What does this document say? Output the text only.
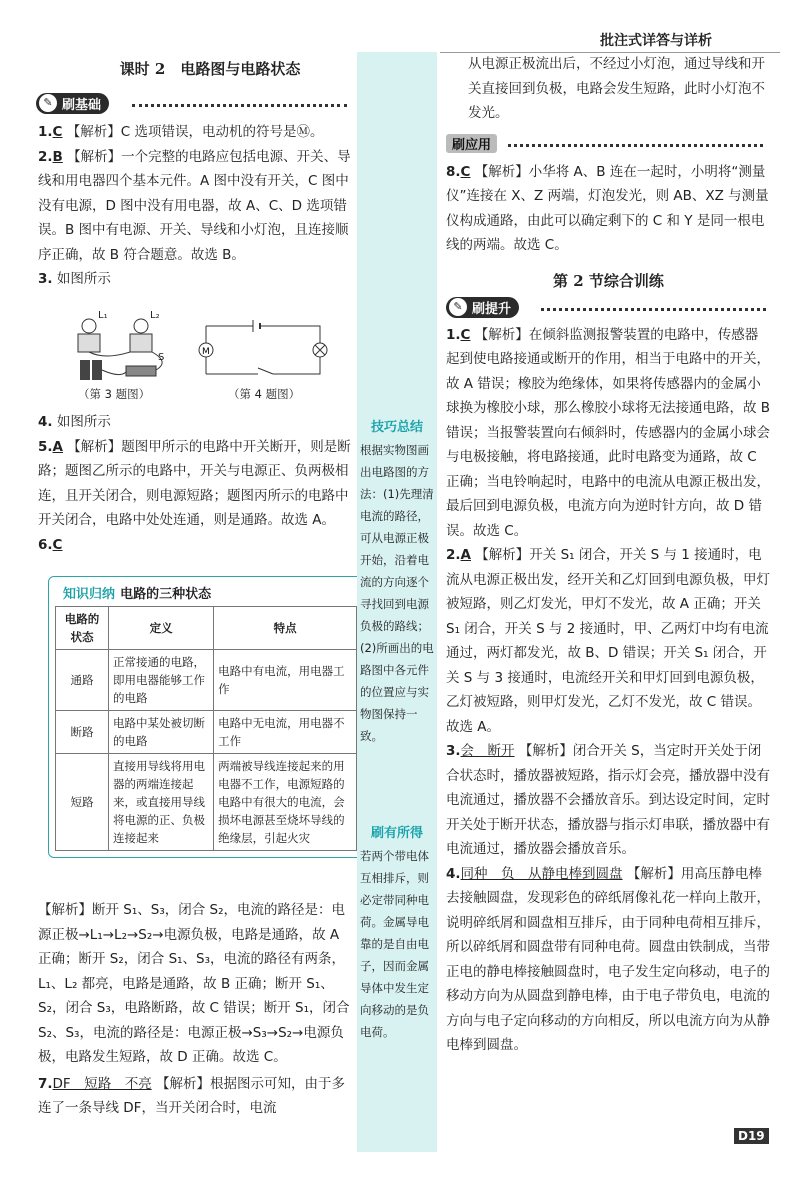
批注式详答与详析
课时 2　电路图与电路状态
✎ 刷基础

1.C 【解析】C 选项错误，电动机的符号是Ⓜ。

2.B 【解析】一个完整的电路应包括电源、开关、导线和用电器四个基本元件。A 图中没有开关，C 图中没有电源，D 图中没有用电器，故 A、C、D 选项错误。B 图中有电源、开关、导线和小灯泡，且连接顺序正确，故 B 符合题意。故选 B。

3. 如图所示

L₁	L₂
S
（第 3 题图）
M
（第 4 题图）

4. 如图所示

5.A 【解析】题图甲所示的电路中开关断开，则是断路；题图乙所示的电路中，开关与电源正、负两极相连，且开关闭合，则电源短路；题图丙所示的电路中开关闭合，电路中处处连通，则是通路。故选 A。

6.C

知识归纳 电路的三种状态
电路的状态	定义	特点
通路	正常接通的电路，即用电器能够工作的电路	电路中有电流，用电器工作
断路	电路中某处被切断的电路	电路中无电流，用电器不工作
短路	直接用导线将用电器的两端连接起来，或直接用导线将电源的正、负极连接起来	两端被导线连接起来的用电器不工作，电源短路的电路中有很大的电流，会损坏电源甚至烧坏导线的绝缘层，引起火灾

【解析】断开 S₁、S₃，闭合 S₂，电流的路径是：电源正极→L₁→L₂→S₂→电源负极，电路是通路，故 A 正确；断开 S₂，闭合 S₁、S₃，电流的路径有两条，L₁、L₂ 都亮，电路是通路，故 B 正确；断开 S₁、S₂，闭合 S₃，电路断路，故 C 错误；断开 S₁，闭合 S₂、S₃，电流的路径是：电源正极→S₃→S₂→电源负极，电路发生短路，故 D 正确。故选 C。

7.DF　短路　不亮 【解析】根据图示可知，由于多连了一条导线 DF，当开关闭合时，电流

技巧总结
根据实物图画出电路图的方法：(1)先理清电流的路径，可从电源正极开始，沿着电流的方向逐个寻找回到电源负极的路线；(2)所画出的电路图中各元件的位置应与实物图保持一致。
刷有所得
若两个带电体互相排斥，则必定带同种电荷。金属导电靠的是自由电子，因而金属导体中发生定向移动的是负电荷。

从电源正极流出后，不经过小灯泡，通过导线和开关直接回到负极，电路会发生短路，此时小灯泡不发光。

刷应用

8.C 【解析】小华将 A、B 连在一起时，小明将“测量仪”连接在 X、Z 两端，灯泡发光，则 AB、XZ 与测量仪构成通路，由此可以确定剩下的 C 和 Y 是同一根电线的两端。故选 C。

第 2 节综合训练
✎ 刷提升

1.C 【解析】在倾斜监测报警装置的电路中，传感器起到使电路接通或断开的作用，相当于电路中的开关，故 A 错误；橡胶为绝缘体，如果将传感器内的金属小球换为橡胶小球，那么橡胶小球将无法接通电路，故 B 错误；当报警装置向右倾斜时，传感器内的金属小球会与电极接触，将电路接通，此时电路变为通路，故 C 正确；当电铃响起时，电路中的电流从电源正极出发，最后回到电源负极，电流方向为逆时针方向，故 D 错误。故选 C。

2.A 【解析】开关 S₁ 闭合，开关 S 与 1 接通时，电流从电源正极出发，经开关和乙灯回到电源负极，甲灯被短路，则乙灯发光，甲灯不发光，故 A 正确；开关 S₁ 闭合，开关 S 与 2 接通时，甲、乙两灯中均有电流通过，两灯都发光，故 B、D 错误；开关 S₁ 闭合，开关 S 与 3 接通时，电流经开关和甲灯回到电源负极，乙灯被短路，则甲灯发光，乙灯不发光，故 C 错误。故选 A。

3.会　断开 【解析】闭合开关 S，当定时开关处于闭合状态时，播放器被短路，指示灯会亮，播放器中没有电流通过，播放器不会播放音乐。到达设定时间，定时开关处于断开状态，播放器与指示灯串联，播放器中有电流通过，播放器会播放音乐。

4.同种　负　从静电棒到圆盘 【解析】用高压静电棒去接触圆盘，发现彩色的碎纸屑像礼花一样向上散开，说明碎纸屑和圆盘相互排斥，由于同种电荷相互排斥，所以碎纸屑和圆盘带有同种电荷。圆盘由铁制成，当带正电的静电棒接触圆盘时，电子发生定向移动，电子的移动方向为从圆盘到静电棒，由于电子带负电，电流的方向与电子定向移动的方向相反，所以电流方向为从静电棒到圆盘。

D19
